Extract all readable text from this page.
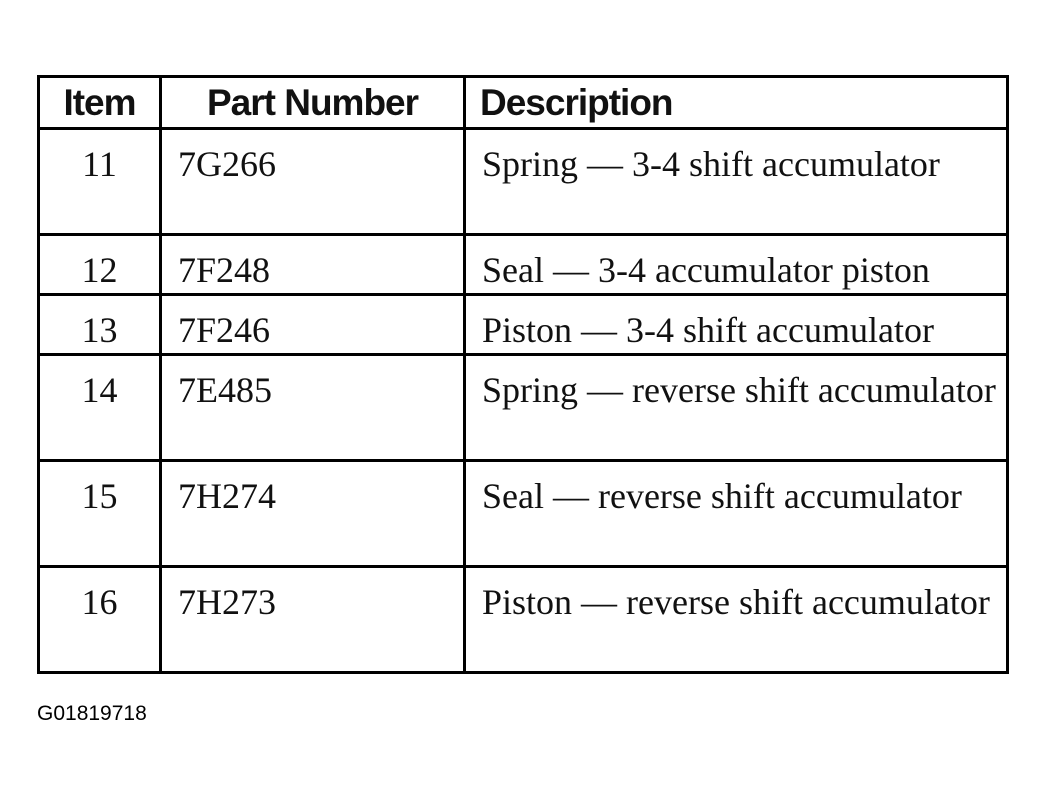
Item	Part Number	Description
11	7G266	Spring — 3-4 shift accumulator
12	7F248	Seal — 3-4 accumulator piston
13	7F246	Piston — 3-4 shift accumulator
14	7E485	Spring — reverse shift accumulator
15	7H274	Seal — reverse shift accumulator
16	7H273	Piston — reverse shift accumulator
G01819718
